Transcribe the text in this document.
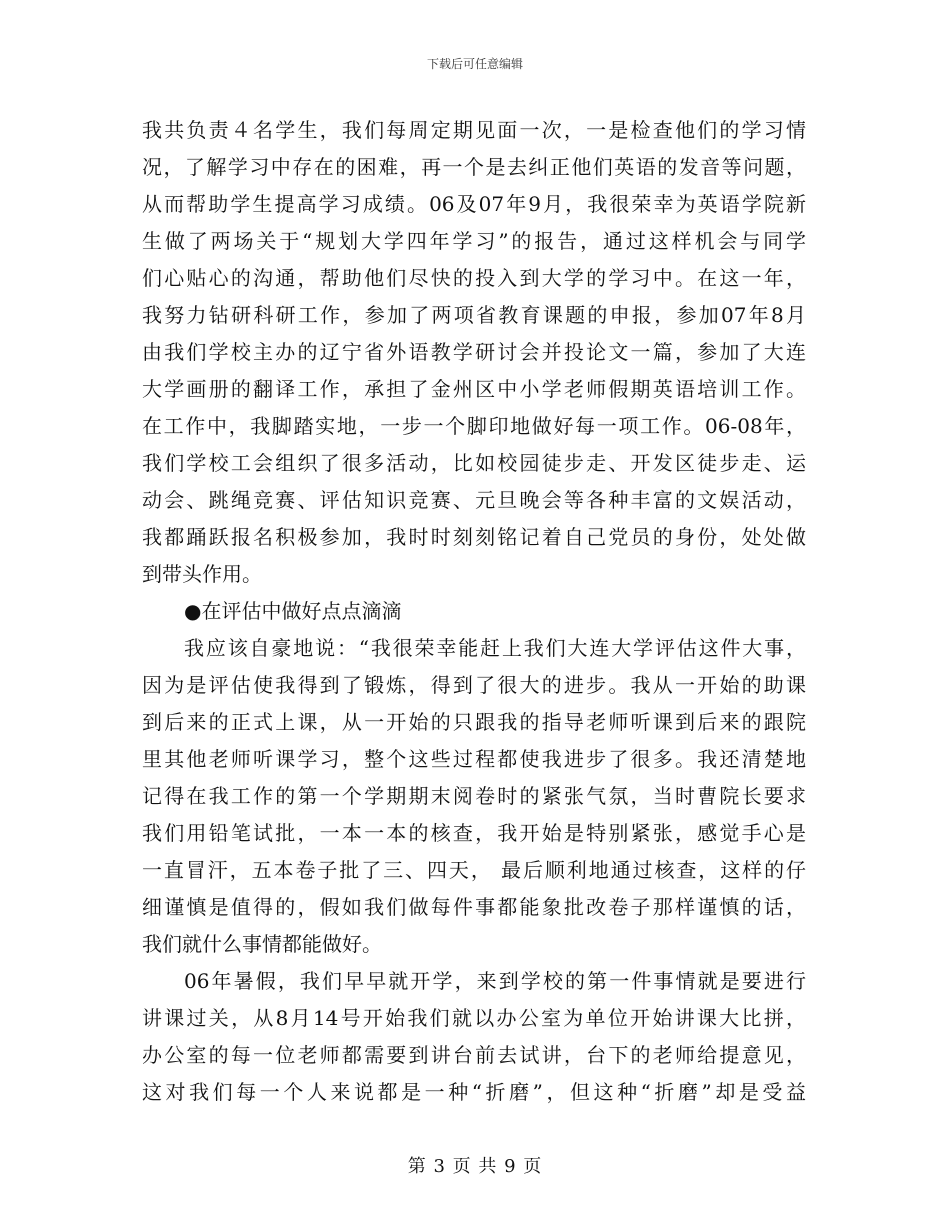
下载后可任意编辑
我共负责４名学生，我们每周定期见面一次，一是检查他们的学习情
况，了解学习中存在的困难，再一个是去纠正他们英语的发音等问题，
从而帮助学生提高学习成绩。06及07年9月，我很荣幸为英语学院新
生做了两场关于“规划大学四年学习”的报告，通过这样机会与同学
们心贴心的沟通，帮助他们尽快的投入到大学的学习中。在这一年，
我努力钻研科研工作，参加了两项省教育课题的申报，参加07年8月
由我们学校主办的辽宁省外语教学研讨会并投论文一篇，参加了大连
大学画册的翻译工作，承担了金州区中小学老师假期英语培训工作。
在工作中，我脚踏实地，一步一个脚印地做好每一项工作。06-08年，
我们学校工会组织了很多活动，比如校园徒步走、开发区徒步走、运
动会、跳绳竞赛、评估知识竞赛、元旦晚会等各种丰富的文娱活动，
我都踊跃报名积极参加，我时时刻刻铭记着自己党员的身份，处处做
到带头作用。
●在评估中做好点点滴滴
我应该自豪地说：“我很荣幸能赶上我们大连大学评估这件大事，
因为是评估使我得到了锻炼，得到了很大的进步。我从一开始的助课
到后来的正式上课，从一开始的只跟我的指导老师听课到后来的跟院
里其他老师听课学习，整个这些过程都使我进步了很多。我还清楚地
记得在我工作的第一个学期期末阅卷时的紧张气氛，当时曹院长要求
我们用铅笔试批，一本一本的核查，我开始是特别紧张，感觉手心是
一直冒汗，五本卷子批了三、四天， 最后顺利地通过核查，这样的仔
细谨慎是值得的，假如我们做每件事都能象批改卷子那样谨慎的话，
我们就什么事情都能做好。
06年暑假，我们早早就开学，来到学校的第一件事情就是要进行
讲课过关，从8月14号开始我们就以办公室为单位开始讲课大比拼，
办公室的每一位老师都需要到讲台前去试讲，台下的老师给提意见，
这对我们每一个人来说都是一种“折磨”，但这种“折磨”却是受益
第 3 页 共 9 页
